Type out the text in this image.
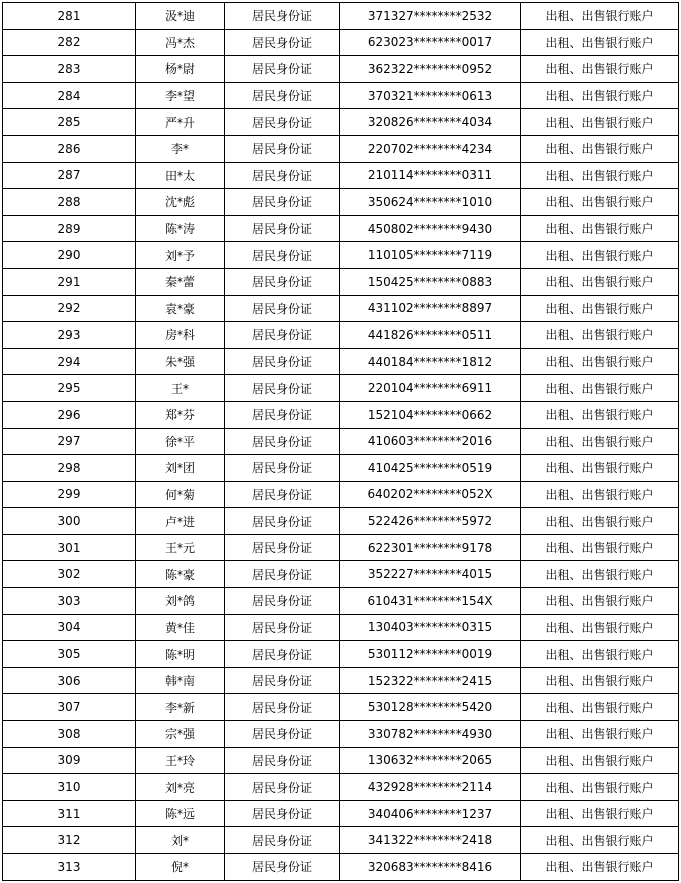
281	汲*迪	居民身份证	371327********2532	出租、出售银行账户
282	冯*杰	居民身份证	623023********0017	出租、出售银行账户
283	杨*尉	居民身份证	362322********0952	出租、出售银行账户
284	李*望	居民身份证	370321********0613	出租、出售银行账户
285	严*升	居民身份证	320826********4034	出租、出售银行账户
286	李*	居民身份证	220702********4234	出租、出售银行账户
287	田*太	居民身份证	210114********0311	出租、出售银行账户
288	沈*彪	居民身份证	350624********1010	出租、出售银行账户
289	陈*涛	居民身份证	450802********9430	出租、出售银行账户
290	刘*予	居民身份证	110105********7119	出租、出售银行账户
291	秦*蕾	居民身份证	150425********0883	出租、出售银行账户
292	袁*豪	居民身份证	431102********8897	出租、出售银行账户
293	房*科	居民身份证	441826********0511	出租、出售银行账户
294	朱*强	居民身份证	440184********1812	出租、出售银行账户
295	王*	居民身份证	220104********6911	出租、出售银行账户
296	郑*芬	居民身份证	152104********0662	出租、出售银行账户
297	徐*平	居民身份证	410603********2016	出租、出售银行账户
298	刘*团	居民身份证	410425********0519	出租、出售银行账户
299	何*菊	居民身份证	640202********052X	出租、出售银行账户
300	卢*进	居民身份证	522426********5972	出租、出售银行账户
301	王*元	居民身份证	622301********9178	出租、出售银行账户
302	陈*豪	居民身份证	352227********4015	出租、出售银行账户
303	刘*鸽	居民身份证	610431********154X	出租、出售银行账户
304	黄*佳	居民身份证	130403********0315	出租、出售银行账户
305	陈*明	居民身份证	530112********0019	出租、出售银行账户
306	韩*南	居民身份证	152322********2415	出租、出售银行账户
307	李*新	居民身份证	530128********5420	出租、出售银行账户
308	宗*强	居民身份证	330782********4930	出租、出售银行账户
309	王*玲	居民身份证	130632********2065	出租、出售银行账户
310	刘*亮	居民身份证	432928********2114	出租、出售银行账户
311	陈*远	居民身份证	340406********1237	出租、出售银行账户
312	刘*	居民身份证	341322********2418	出租、出售银行账户
313	倪*	居民身份证	320683********8416	出租、出售银行账户
